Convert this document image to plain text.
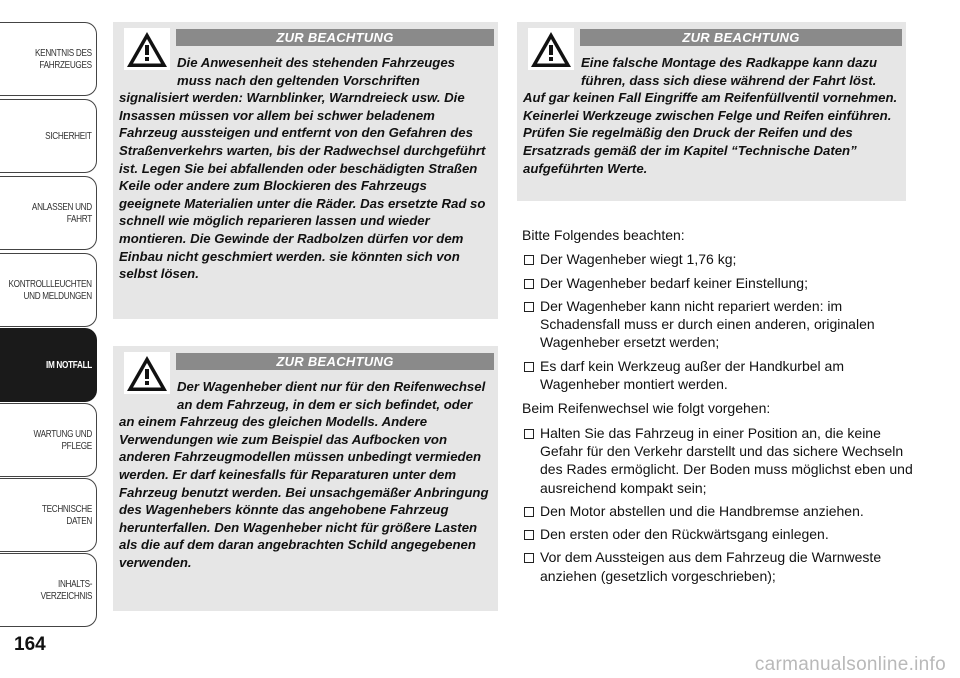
KENNTNIS DES
FAHRZEUGES
SICHERHEIT
ANLASSEN UND
FAHRT
KONTROLLLEUCHTEN
UND MELDUNGEN
IM NOTFALL
WARTUNG UND
PFLEGE
TECHNISCHE DATEN
INHALTS-
VERZEICHNIS
164
ZUR BEACHTUNG
Die Anwesenheit des stehenden Fahrzeuges muss nach den geltenden Vorschriften signalisiert werden: Warnblinker, Warndreieck usw. Die Insassen müssen vor allem bei schwer beladenem Fahrzeug aussteigen und entfernt von den Gefahren des Straßenverkehrs warten, bis der Radwechsel durchgeführt ist. Legen Sie bei abfallenden oder beschädigten Straßen Keile oder andere zum Blockieren des Fahrzeugs geeignete Materialien unter die Räder. Das ersetzte Rad so schnell wie möglich reparieren lassen und wieder montieren. Die Gewinde der Radbolzen dürfen vor dem Einbau nicht geschmiert werden. sie könnten sich von selbst lösen.
ZUR BEACHTUNG
Der Wagenheber dient nur für den Reifenwechsel an dem Fahrzeug, in dem er sich befindet, oder an einem Fahrzeug des gleichen Modells. Andere Verwendungen wie zum Beispiel das Aufbocken von anderen Fahrzeugmodellen müssen unbedingt vermieden werden. Er darf keinesfalls für Reparaturen unter dem Fahrzeug benutzt werden. Bei unsachgemäßer Anbringung des Wagenhebers könnte das angehobene Fahrzeug herunterfallen. Den Wagenheber nicht für größere Lasten als die auf dem daran angebrachten Schild angegebenen verwenden.
ZUR BEACHTUNG
Eine falsche Montage des Radkappe kann dazu führen, dass sich diese während der Fahrt löst. Auf gar keinen Fall Eingriffe am Reifenfüllventil vornehmen. Keinerlei Werkzeuge zwischen Felge und Reifen einführen. Prüfen Sie regelmäßig den Druck der Reifen und des Ersatzrads gemäß der im Kapitel “Technische Daten” aufgeführten Werte.

Bitte Folgendes beachten:

Der Wagenheber wiegt 1,76 kg;
Der Wagenheber bedarf keiner Einstellung;
Der Wagenheber kann nicht repariert werden: im Schadensfall muss er durch einen anderen, originalen Wagenheber ersetzt werden;
Es darf kein Werkzeug außer der Handkurbel am Wagenheber montiert werden.

Beim Reifenwechsel wie folgt vorgehen:

Halten Sie das Fahrzeug in einer Position an, die keine Gefahr für den Verkehr darstellt und das sichere Wechseln des Rades ermöglicht. Der Boden muss möglichst eben und ausreichend kompakt sein;
Den Motor abstellen und die Handbremse anziehen.
Den ersten oder den Rückwärtsgang einlegen.
Vor dem Aussteigen aus dem Fahrzeug die Warnweste anziehen (gesetzlich vorgeschrieben);
carmanualsonline.info
